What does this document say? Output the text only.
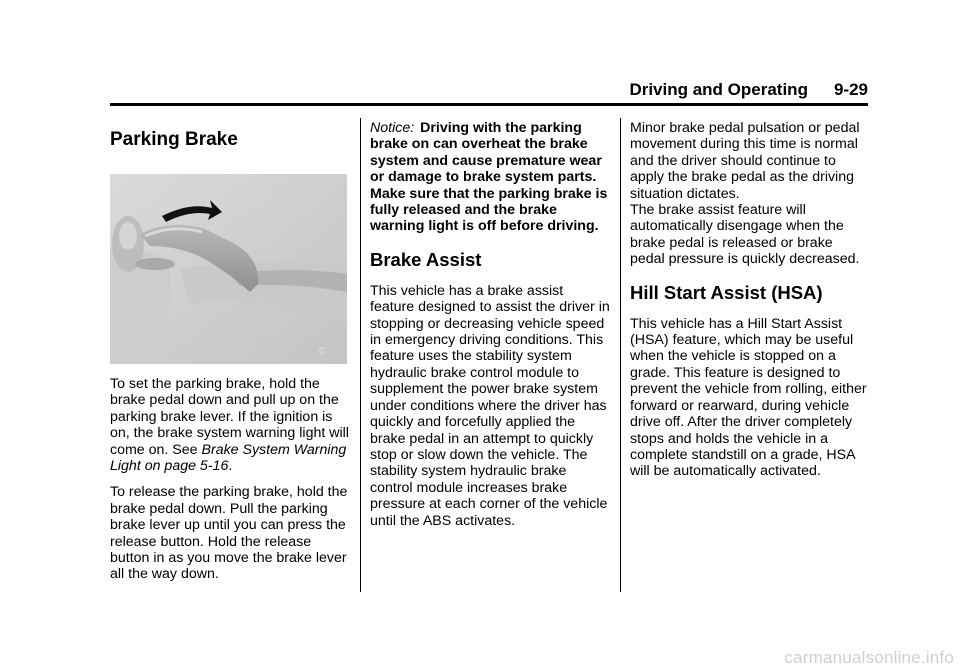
Driving and Operating 9-29
Parking Brake
©

To set the parking brake, hold the brake pedal down and pull up on the parking brake lever. If the ignition is on, the brake system warning light will come on. See Brake System Warning Light on page 5-16.

To release the parking brake, hold the brake pedal down. Pull the parking brake lever up until you can press the release button. Hold the release button in as you move the brake lever all the way down.

Notice: Driving with the parking brake on can overheat the brake system and cause premature wear or damage to brake system parts. Make sure that the parking brake is fully released and the brake warning light is off before driving.

Brake Assist

This vehicle has a brake assist feature designed to assist the driver in stopping or decreasing vehicle speed in emergency driving conditions. This feature uses the stability system hydraulic brake control module to supplement the power brake system under conditions where the driver has quickly and forcefully applied the brake pedal in an attempt to quickly stop or slow down the vehicle. The stability system hydraulic brake control module increases brake pressure at each corner of the vehicle until the ABS activates.

Minor brake pedal pulsation or pedal movement during this time is normal and the driver should continue to apply the brake pedal as the driving situation dictates.

The brake assist feature will automatically disengage when the brake pedal is released or brake pedal pressure is quickly decreased.

Hill Start Assist (HSA)

This vehicle has a Hill Start Assist (HSA) feature, which may be useful when the vehicle is stopped on a grade. This feature is designed to prevent the vehicle from rolling, either forward or rearward, during vehicle drive off. After the driver completely stops and holds the vehicle in a complete standstill on a grade, HSA will be automatically activated.

carmanualsonline.info
